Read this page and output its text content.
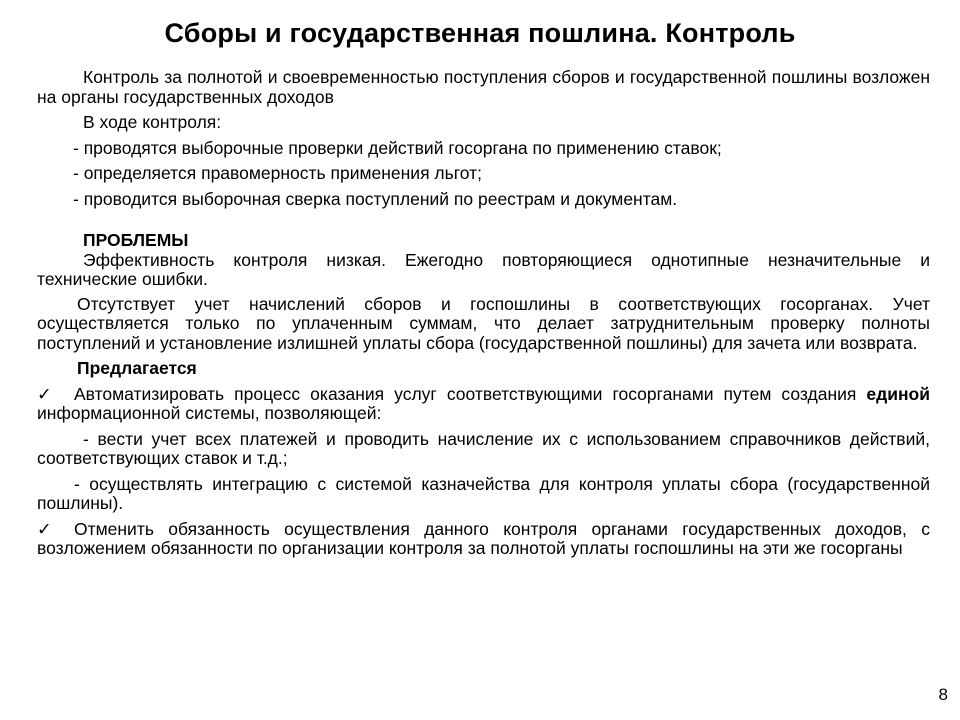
Сборы и государственная пошлина. Контроль

Контроль за полнотой и своевременностью поступления сборов и государственной пошлины возложен на органы государственных доходов

В ходе контроля:

- проводятся выборочные проверки действий госоргана по применению ставок;

- определяется правомерность применения льгот;

- проводится выборочная сверка поступлений по реестрам и документам.

ПРОБЛЕМЫ

Эффективность контроля низкая. Ежегодно повторяющиеся однотипные незначительные и технические ошибки.

Отсутствует учет начислений сборов и госпошлины в соответствующих госорганах. Учет осуществляется только по уплаченным суммам, что делает затруднительным проверку полноты поступлений и установление излишней уплаты сбора (государственной пошлины) для зачета или возврата.

Предлагается

✓ Автоматизировать процесс оказания услуг соответствующими госорганами путем создания единой информационной системы, позволяющей:

- вести учет всех платежей и проводить начисление их с использованием справочников действий, соответствующих ставок и т.д.;

- осуществлять интеграцию с системой казначейства для контроля уплаты сбора (государственной пошлины).

✓ Отменить обязанность осуществления данного контроля органами государственных доходов, с возложением обязанности по организации контроля за полнотой уплаты госпошлины на эти же госорганы

8
